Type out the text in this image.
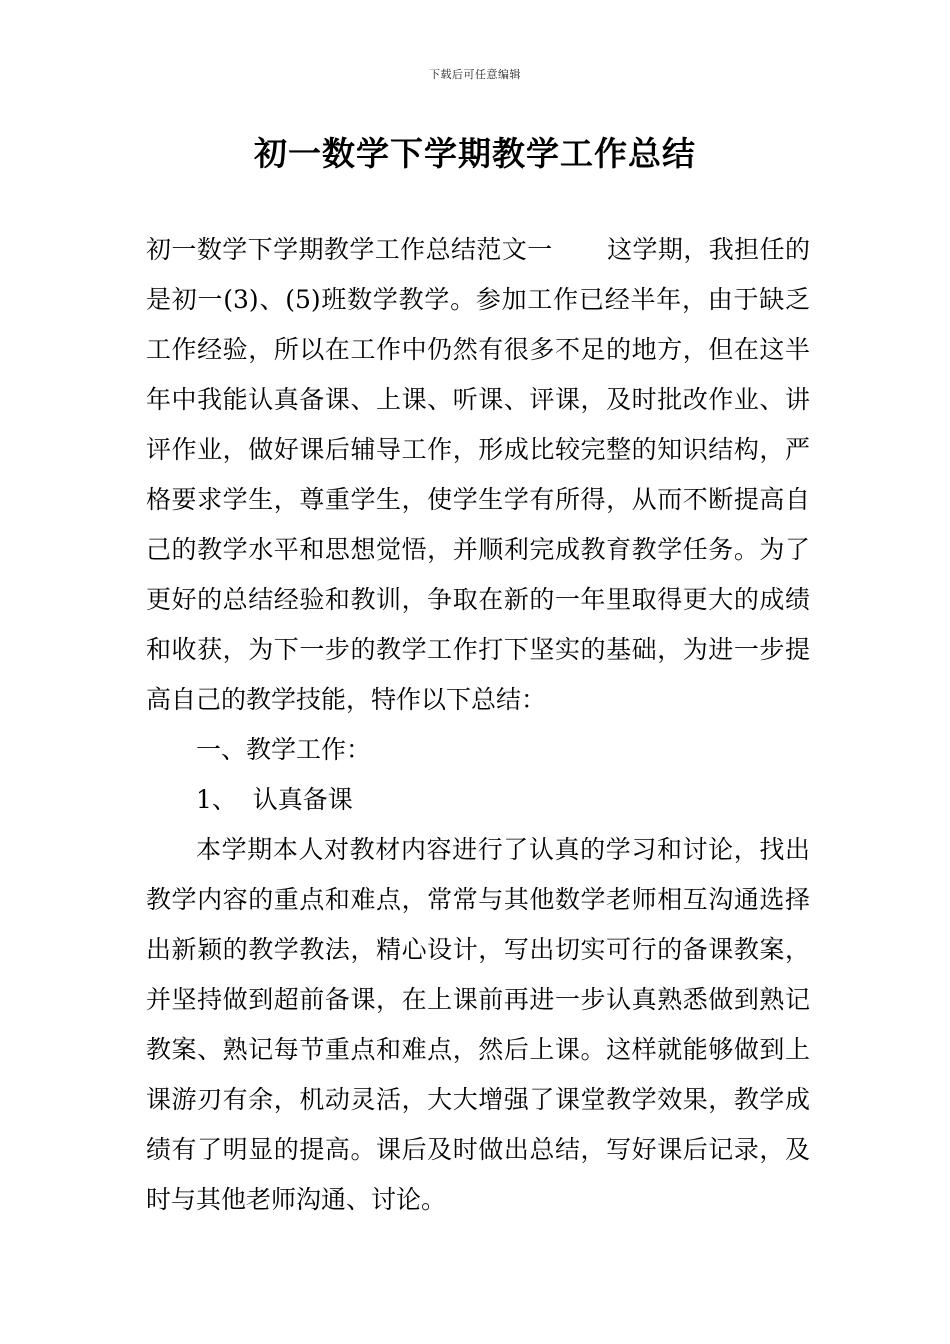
下载后可任意编辑
初一数学下学期教学工作总结

初一数学下学期教学工作总结范文一 这学期，我担任的是初一(3)、(5)班数学教学。参加工作已经半年，由于缺乏工作经验，所以在工作中仍然有很多不足的地方，但在这半年中我能认真备课、上课、听课、评课，及时批改作业、讲评作业，做好课后辅导工作，形成比较完整的知识结构，严格要求学生，尊重学生，使学生学有所得，从而不断提高自己的教学水平和思想觉悟，并顺利完成教育教学任务。为了更好的总结经验和教训，争取在新的一年里取得更大的成绩和收获，为下一步的教学工作打下坚实的基础，为进一步提高自己的教学技能，特作以下总结：

一、教学工作：

1、  认真备课

本学期本人对教材内容进行了认真的学习和讨论，找出教学内容的重点和难点，常常与其他数学老师相互沟通选择出新颖的教学教法，精心设计，写出切实可行的备课教案，并坚持做到超前备课，在上课前再进一步认真熟悉做到熟记教案、熟记每节重点和难点，然后上课。这样就能够做到上课游刃有余，机动灵活，大大增强了课堂教学效果，教学成绩有了明显的提高。课后及时做出总结，写好课后记录，及时与其他老师沟通、讨论。
